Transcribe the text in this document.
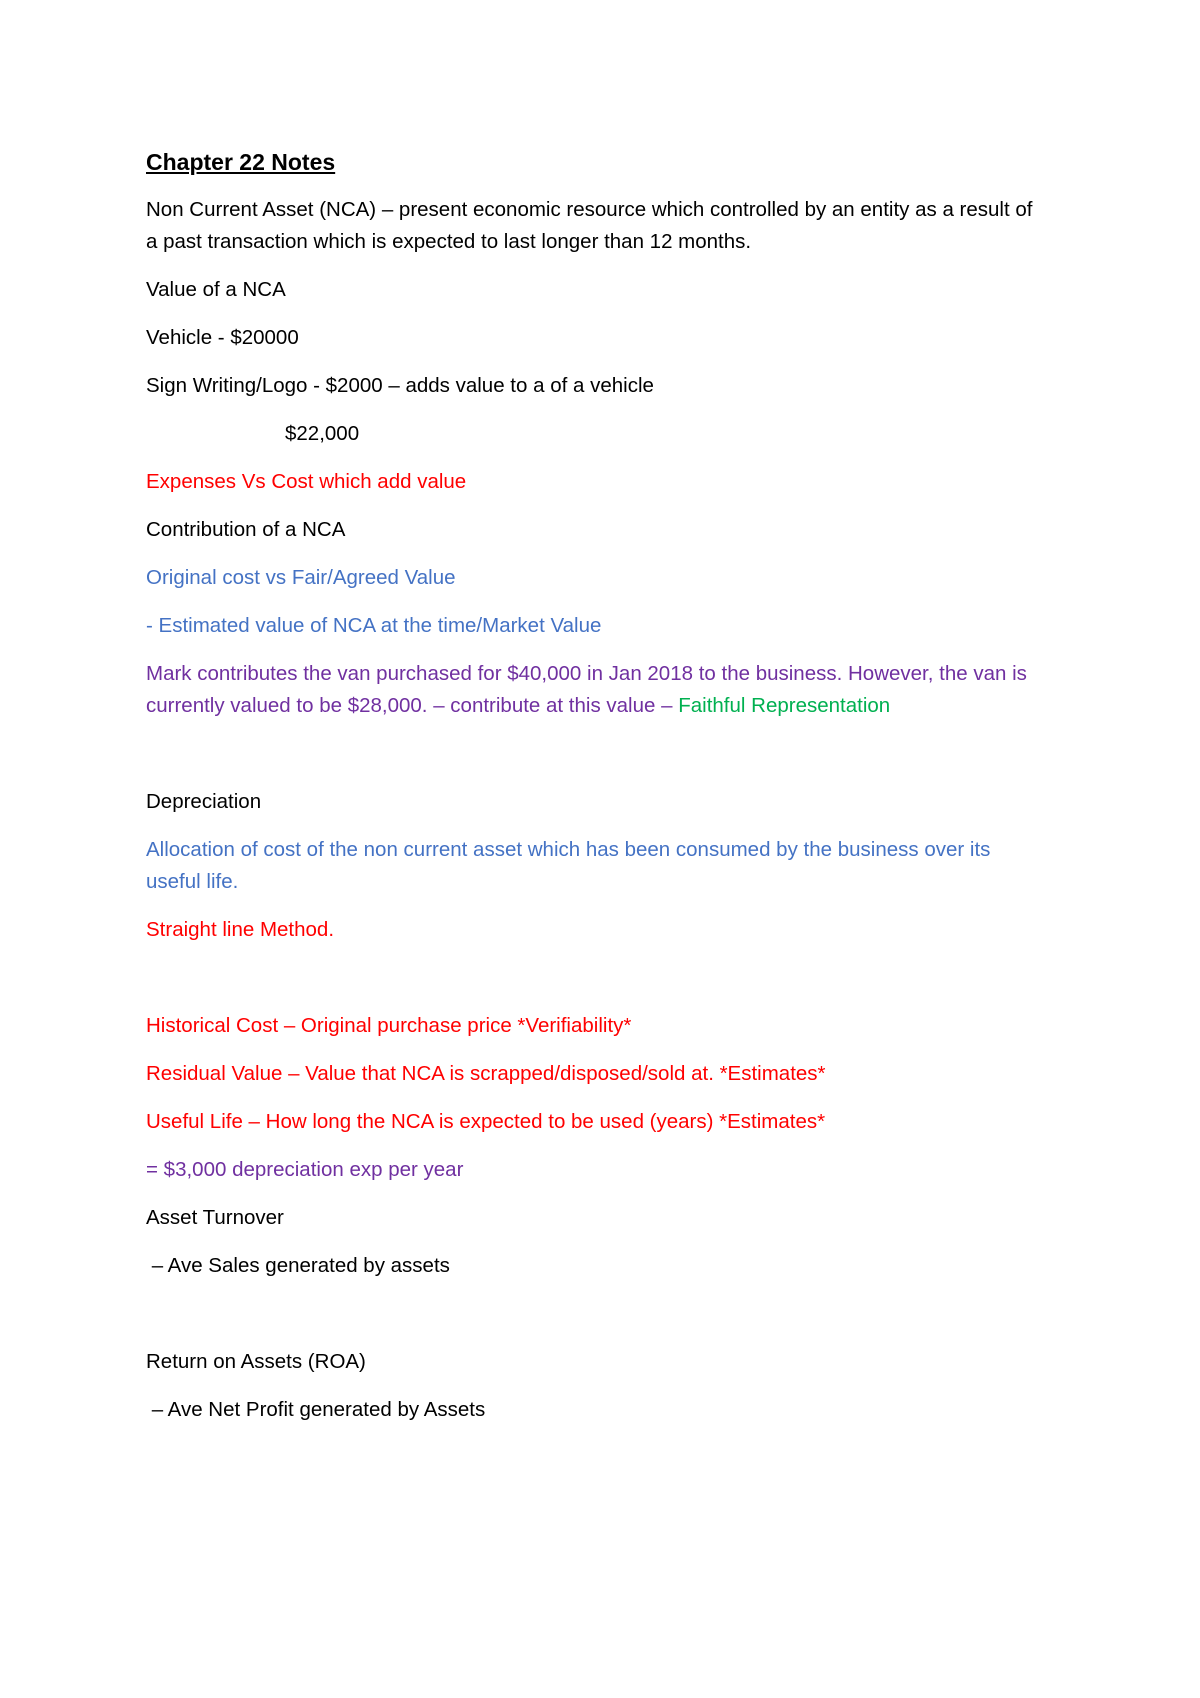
Chapter 22 Notes
Non Current Asset (NCA) – present economic resource which controlled by an entity as a result of a past transaction which is expected to last longer than 12 months.
Value of a NCA
Vehicle - $20000
Sign Writing/Logo - $2000 – adds value to a of a vehicle
$22,000
Expenses Vs Cost which add value
Contribution of a NCA
Original cost vs Fair/Agreed Value
- Estimated value of NCA at the time/Market Value
Mark contributes the van purchased for $40,000 in Jan 2018 to the business. However, the van is currently valued to be $28,000. – contribute at this value – Faithful Representation
Depreciation
Allocation of cost of the non current asset which has been consumed by the business over its useful life.
Straight line Method.
Historical Cost – Original purchase price *Verifiability*
Residual Value – Value that NCA is scrapped/disposed/sold at. *Estimates*
Useful Life – How long the NCA is expected to be used (years) *Estimates*
= $3,000 depreciation exp per year
Asset Turnover
– Ave Sales generated by assets
Return on Assets (ROA)
– Ave Net Profit generated by Assets
